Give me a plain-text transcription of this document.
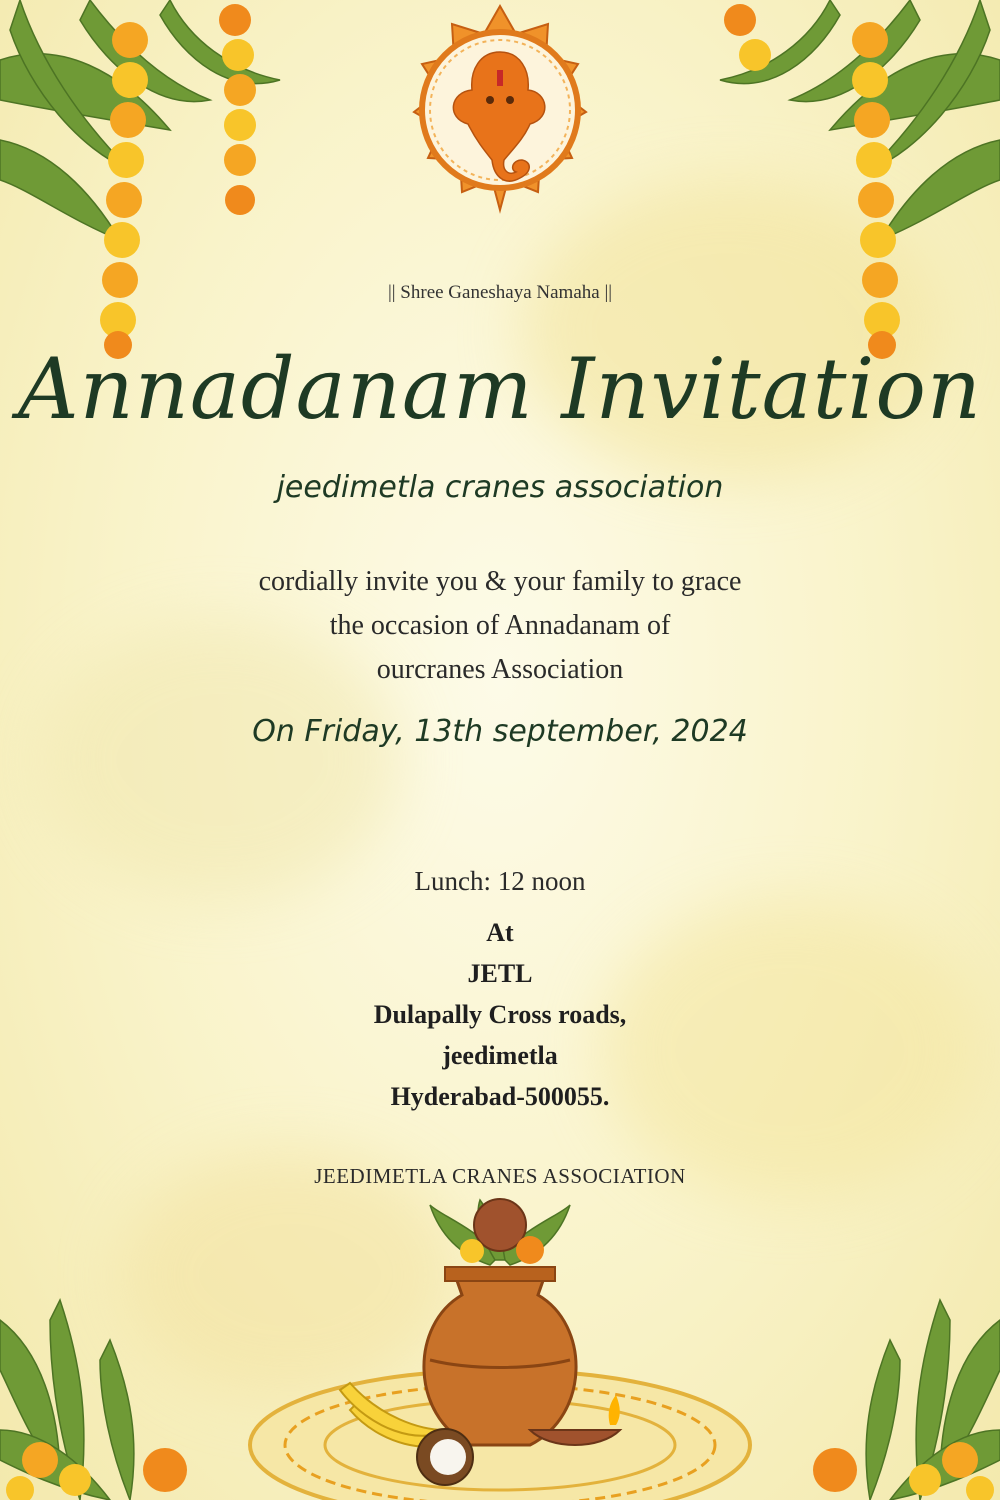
|| Shree Ganeshaya Namaha ||
Annadanam Invitation
jeedimetla cranes association
cordially invite you & your family to grace
the occasion of Annadanam of
ourcranes Association
On Friday, 13th september, 2024
Lunch: 12 noon
At
JETL
Dulapally Cross roads,
jeedimetla
Hyderabad-500055.
JEEDIMETLA CRANES ASSOCIATION
